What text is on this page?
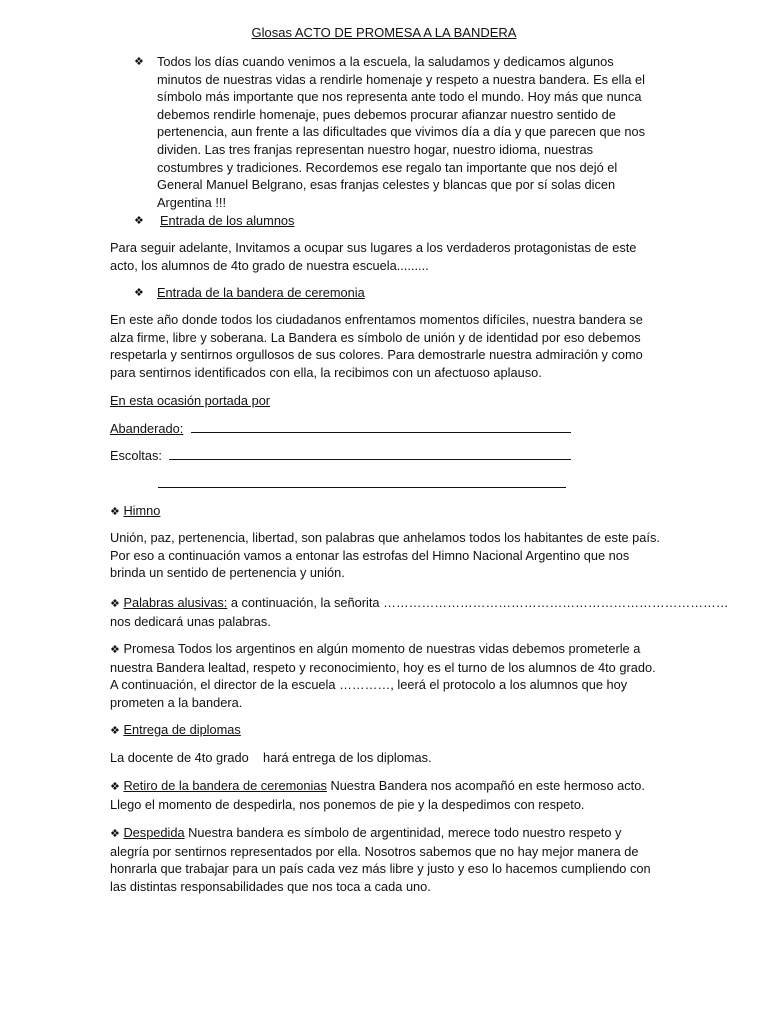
Glosas ACTO DE PROMESA A LA BANDERA
❖	Todos los días cuando venimos a la escuela, la saludamos y dedicamos algunos minutos de nuestras vidas a rendirle homenaje y respeto a nuestra bandera. Es ella el símbolo más importante que nos representa ante todo el mundo. Hoy más que nunca debemos rendirle homenaje, pues debemos procurar afianzar nuestro sentido de pertenencia, aun frente a las dificultades que vivimos día a día y que parecen que nos dividen. Las tres franjas representan nuestro hogar, nuestro idioma, nuestras costumbres y tradiciones. Recordemos ese regalo tan importante que nos dejó el General Manuel Belgrano, esas franjas celestes y blancas que por sí solas dicen Argentina !!!
❖	Entrada de los alumnos
Para seguir adelante, Invitamos a ocupar sus lugares a los verdaderos protagonistas de este acto, los alumnos de 4to grado de nuestra escuela.........
❖	Entrada de la bandera de ceremonia
En este año donde todos los ciudadanos enfrentamos momentos difíciles, nuestra bandera se alza firme, libre y soberana. La Bandera es símbolo de unión y de identidad por eso debemos respetarla y sentirnos orgullosos de sus colores. Para demostrarle nuestra admiración y como para sentirnos identificados con ella, la recibimos con un afectuoso aplauso.
En esta ocasión portada por
Abanderado:
Escoltas:
❖ Himno
Unión, paz, pertenencia, libertad, son palabras que anhelamos todos los habitantes de este país. Por eso a continuación vamos a entonar las estrofas del Himno Nacional Argentino que nos brinda un sentido de pertenencia y unión.
❖ Palabras alusivas: a continuación, la señorita ………………………………………………………………………
nos dedicará unas palabras.
❖ Promesa Todos los argentinos en algún momento de nuestras vidas debemos prometerle a nuestra Bandera lealtad, respeto y reconocimiento, hoy es el turno de los alumnos de 4to grado. A continuación, el director de la escuela …………, leerá el protocolo a los alumnos que hoy prometen a la bandera.
❖ Entrega de diplomas
La docente de 4to grado    hará entrega de los diplomas.
❖ Retiro de la bandera de ceremonias Nuestra Bandera nos acompañó en este hermoso acto.
Llego el momento de despedirla, nos ponemos de pie y la despedimos con respeto.
❖ Despedida Nuestra bandera es símbolo de argentinidad, merece todo nuestro respeto y alegría por sentirnos representados por ella. Nosotros sabemos que no hay mejor manera de honrarla que trabajar para un país cada vez más libre y justo y eso lo hacemos cumpliendo con las distintas responsabilidades que nos toca a cada uno.
